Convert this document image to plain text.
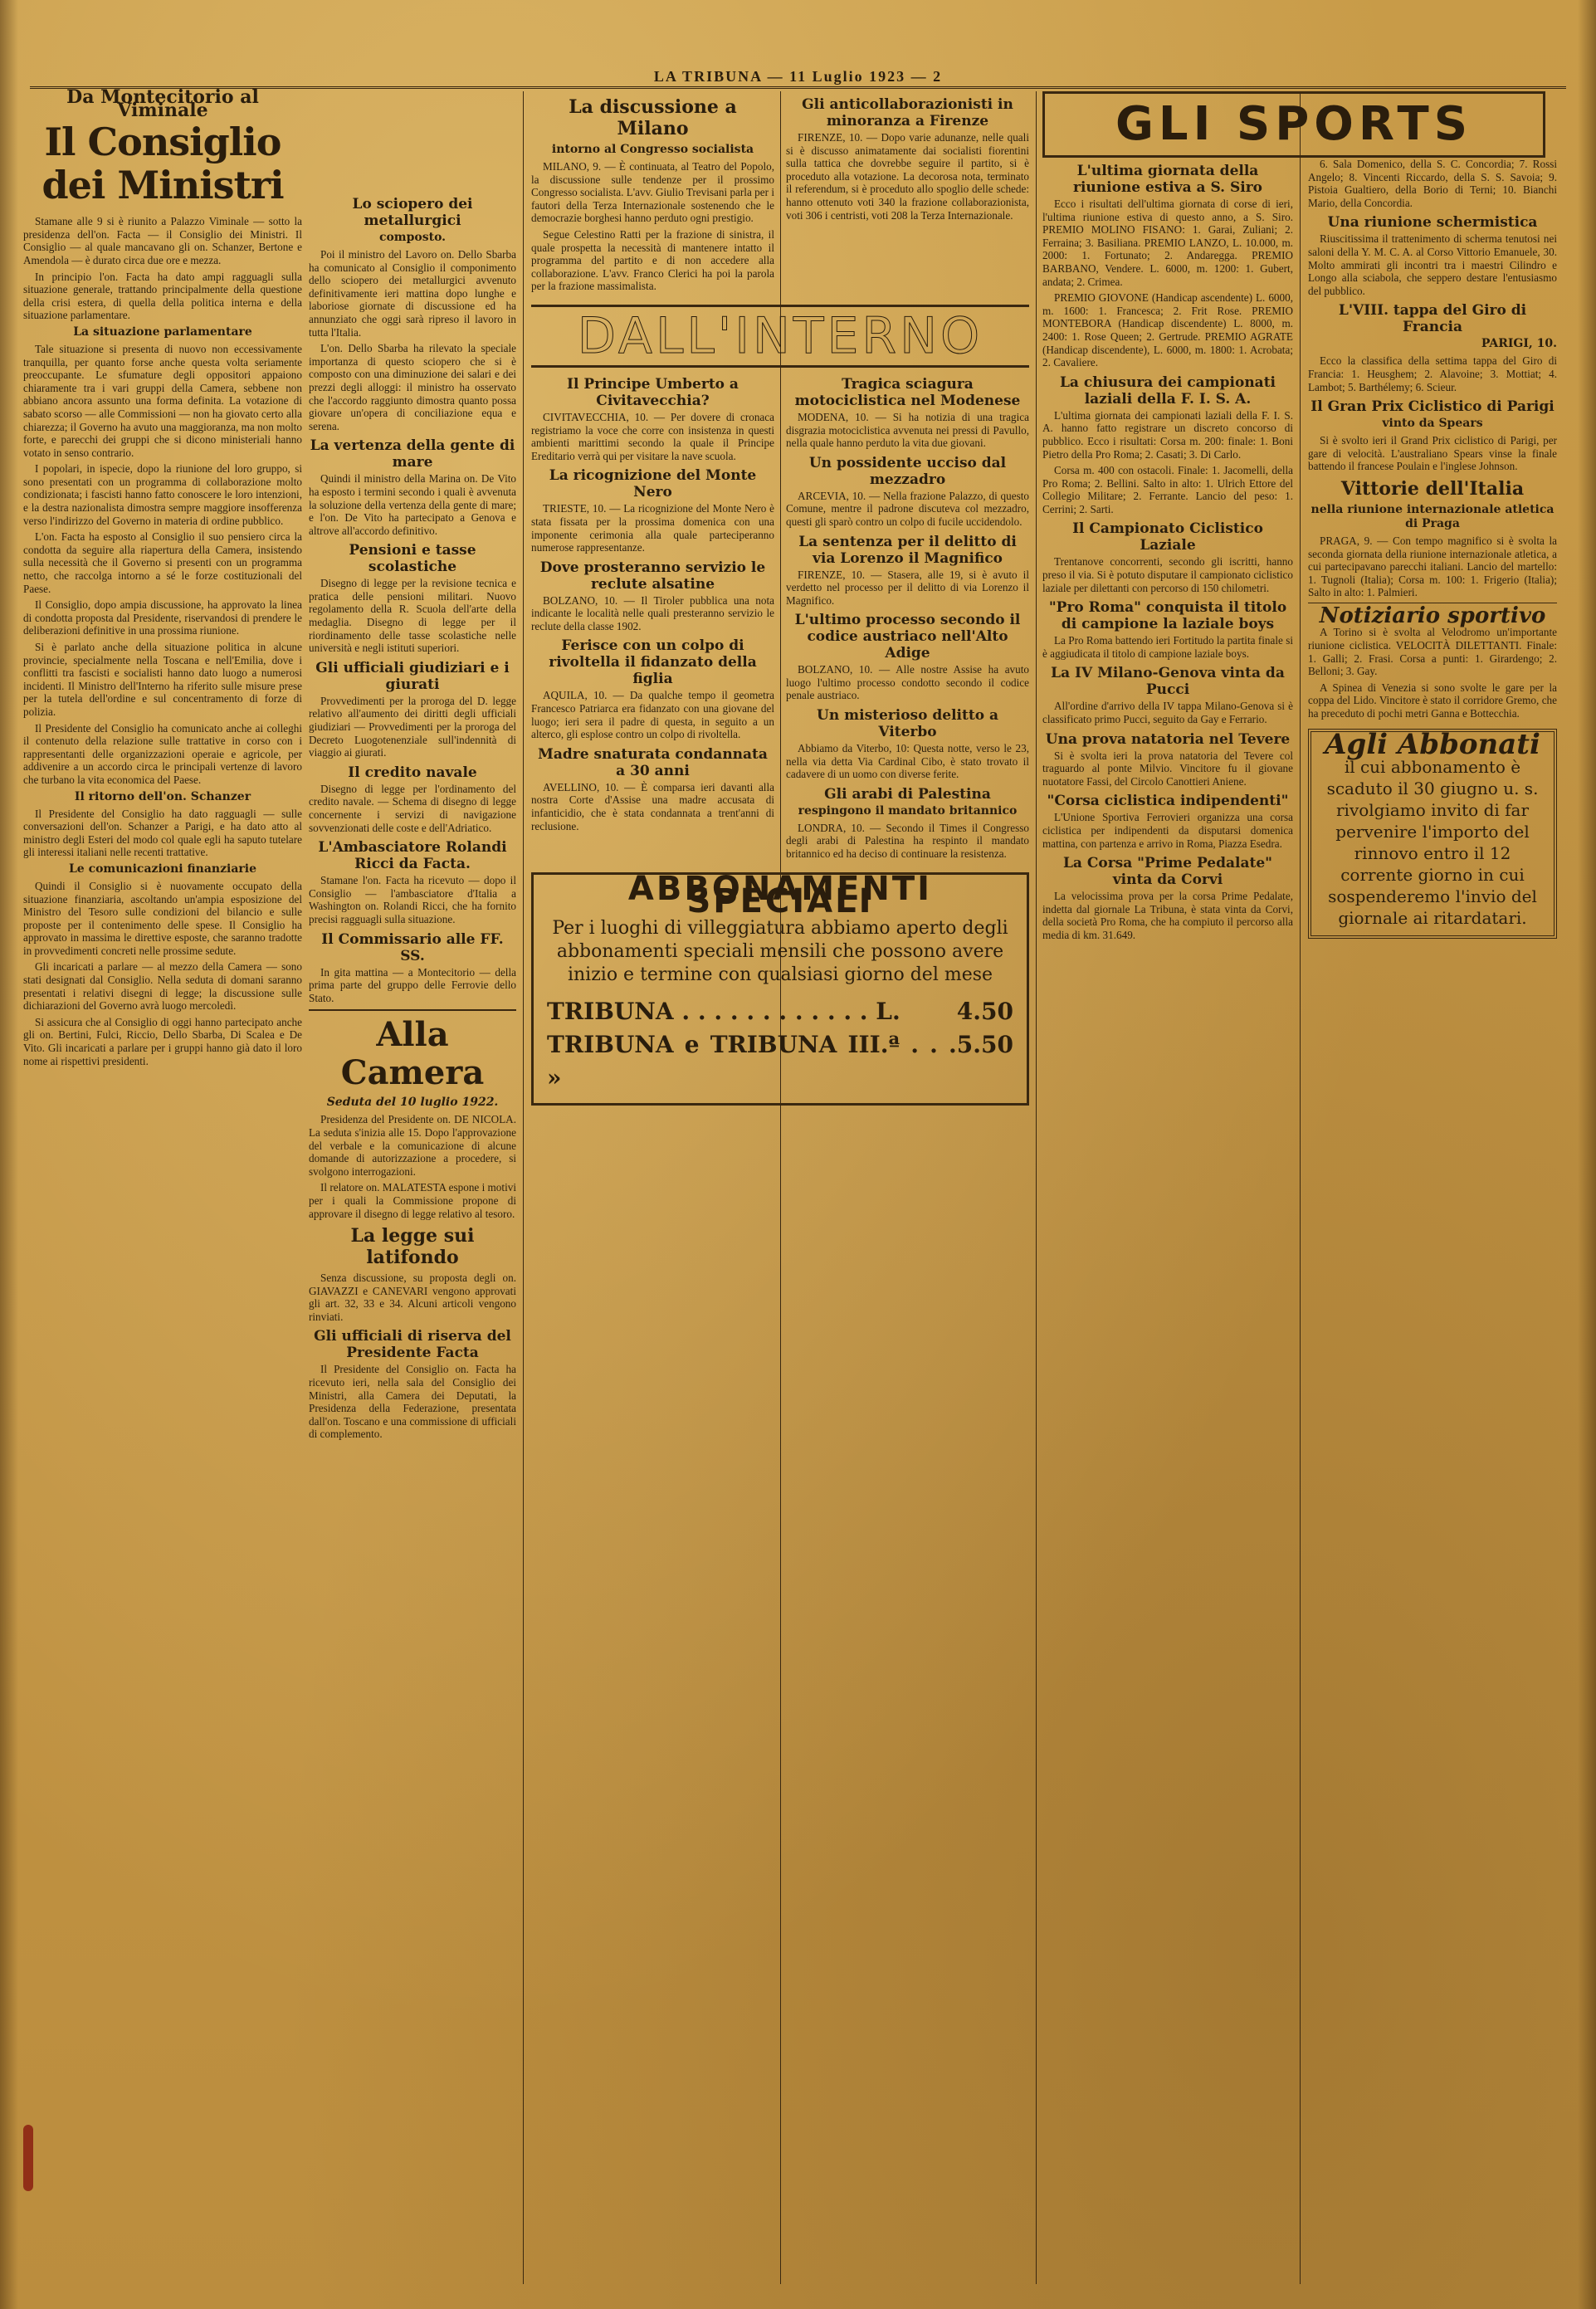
LA TRIBUNA — 11 Luglio 1923 — 2
Da Montecitorio al Viminale
Il Consiglio dei Ministri

Stamane alle 9 si è riunito a Palazzo Viminale — sotto la presidenza dell'on. Facta — il Consiglio dei Ministri. Il Consiglio — al quale mancavano gli on. Schanzer, Bertone e Amendola — è durato circa due ore e mezza.

In principio l'on. Facta ha dato ampi ragguagli sulla situazione generale, trattando principalmente della questione della crisi estera, di quella della politica interna e della situazione parlamentare.

La situazione parlamentare

Tale situazione si presenta di nuovo non eccessivamente tranquilla, per quanto forse anche questa volta seriamente preoccupante. Le sfumature degli oppositori appaiono chiaramente tra i vari gruppi della Camera, sebbene non abbiano ancora assunto una forma definita. La votazione di sabato scorso — alle Commissioni — non ha giovato certo alla chiarezza; il Governo ha avuto una maggioranza, ma non molto forte, e parecchi dei gruppi che si dicono ministeriali hanno votato in senso contrario.

I popolari, in ispecie, dopo la riunione del loro gruppo, si sono presentati con un programma di collaborazione molto condizionata; i fascisti hanno fatto conoscere le loro intenzioni, e la destra nazionalista dimostra sempre maggiore insofferenza verso l'indirizzo del Governo in materia di ordine pubblico.

L'on. Facta ha esposto al Consiglio il suo pensiero circa la condotta da seguire alla riapertura della Camera, insistendo sulla necessità che il Governo si presenti con un programma netto, che raccolga intorno a sé le forze costituzionali del Paese.

Il Consiglio, dopo ampia discussione, ha approvato la linea di condotta proposta dal Presidente, riservandosi di prendere le deliberazioni definitive in una prossima riunione.

Si è parlato anche della situazione politica in alcune provincie, specialmente nella Toscana e nell'Emilia, dove i conflitti tra fascisti e socialisti hanno dato luogo a numerosi incidenti. Il Ministro dell'Interno ha riferito sulle misure prese per la tutela dell'ordine e sul concentramento di forze di polizia.

Il Presidente del Consiglio ha comunicato anche ai colleghi il contenuto della relazione sulle trattative in corso con i rappresentanti delle organizzazioni operaie e agricole, per addivenire a un accordo circa le principali vertenze di lavoro che turbano la vita economica del Paese.

Il ritorno dell'on. Schanzer

Il Presidente del Consiglio ha dato ragguagli — sulle conversazioni dell'on. Schanzer a Parigi, e ha dato atto al ministro degli Esteri del modo col quale egli ha saputo tutelare gli interessi italiani nelle recenti trattative.

Le comunicazioni finanziarie

Quindi il Consiglio si è nuovamente occupato della situazione finanziaria, ascoltando un'ampia esposizione del Ministro del Tesoro sulle condizioni del bilancio e sulle proposte per il contenimento delle spese. Il Consiglio ha approvato in massima le direttive esposte, che saranno tradotte in provvedimenti concreti nelle prossime sedute.

Gli incaricati a parlare — al mezzo della Camera — sono stati designati dal Consiglio. Nella seduta di domani saranno presentati i relativi disegni di legge; la discussione sulle dichiarazioni del Governo avrà luogo mercoledì.

Si assicura che al Consiglio di oggi hanno partecipato anche gli on. Bertini, Fulci, Riccio, Dello Sbarba, Di Scalea e De Vito. Gli incaricati a parlare per i gruppi hanno già dato il loro nome ai rispettivi presidenti.

Lo sciopero dei metallurgici
composto.

Poi il ministro del Lavoro on. Dello Sbarba ha comunicato al Consiglio il componimento dello sciopero dei metallurgici avvenuto definitivamente ieri mattina dopo lunghe e laboriose giornate di discussione ed ha annunziato che oggi sarà ripreso il lavoro in tutta l'Italia.

L'on. Dello Sbarba ha rilevato la speciale importanza di questo sciopero che si è composto con una diminuzione dei salari e dei prezzi degli alloggi: il ministro ha osservato che l'accordo raggiunto dimostra quanto possa giovare un'opera di conciliazione equa e serena.

La vertenza della gente di mare

Quindi il ministro della Marina on. De Vito ha esposto i termini secondo i quali è avvenuta la soluzione della vertenza della gente di mare; e l'on. De Vito ha partecipato a Genova e altrove all'accordo definitivo.

Pensioni e tasse scolastiche

Disegno di legge per la revisione tecnica e pratica delle pensioni militari. Nuovo regolamento della R. Scuola dell'arte della medaglia. Disegno di legge per il riordinamento delle tasse scolastiche nelle università e negli istituti superiori.

Gli ufficiali giudiziari e i giurati

Provvedimenti per la proroga del D. legge relativo all'aumento dei diritti degli ufficiali giudiziari — Provvedimenti per la proroga del Decreto Luogotenenziale sull'indennità di viaggio ai giurati.

Il credito navale

Disegno di legge per l'ordinamento del credito navale. — Schema di disegno di legge concernente i servizi di navigazione sovvenzionati delle coste e dell'Adriatico.

L'Ambasciatore Rolandi Ricci da Facta.

Stamane l'on. Facta ha ricevuto — dopo il Consiglio — l'ambasciatore d'Italia a Washington on. Rolandi Ricci, che ha fornito precisi ragguagli sulla situazione.

Il Commissario alle FF. SS.

In gita mattina — a Montecitorio — della prima parte del gruppo delle Ferrovie dello Stato.

Alla Camera
Seduta del 10 luglio 1922.

Presidenza del Presidente on. DE NICOLA. La seduta s'inizia alle 15. Dopo l'approvazione del verbale e la comunicazione di alcune domande di autorizzazione a procedere, si svolgono interrogazioni.

Il relatore on. MALATESTA espone i motivi per i quali la Commissione propone di approvare il disegno di legge relativo al tesoro.

La legge sui latifondo

Senza discussione, su proposta degli on. GIAVAZZI e CANEVARI vengono approvati gli art. 32, 33 e 34. Alcuni articoli vengono rinviati.

Gli ufficiali di riserva del Presidente Facta

Il Presidente del Consiglio on. Facta ha ricevuto ieri, nella sala del Consiglio dei Ministri, alla Camera dei Deputati, la Presidenza della Federazione, presentata dall'on. Toscano e una commissione di ufficiali di complemento.

La discussione a Milano
intorno al Congresso socialista

MILANO, 9. — È continuata, al Teatro del Popolo, la discussione sulle tendenze per il prossimo Congresso socialista. L'avv. Giulio Trevisani parla per i fautori della Terza Internazionale sostenendo che le democrazie borghesi hanno perduto ogni prestigio.

Segue Celestino Ratti per la frazione di sinistra, il quale prospetta la necessità di mantenere intatto il programma del partito e di non accedere alla collaborazione. L'avv. Franco Clerici ha poi la parola per la frazione massimalista.

Gli anticollaborazionisti in minoranza a Firenze

FIRENZE, 10. — Dopo varie adunanze, nelle quali si è discusso animatamente dai socialisti fiorentini sulla tattica che dovrebbe seguire il partito, si è proceduto alla votazione. La decorosa nota, terminato il referendum, si è proceduto allo spoglio delle schede: hanno ottenuto voti 340 la frazione collaborazionista, voti 306 i centristi, voti 208 la Terza Internazionale.

DALL'INTERNO
Il Principe Umberto a Civitavecchia?

CIVITAVECCHIA, 10. — Per dovere di cronaca registriamo la voce che corre con insistenza in questi ambienti marittimi secondo la quale il Principe Ereditario verrà qui per visitare la nave scuola.

La ricognizione del Monte Nero

TRIESTE, 10. — La ricognizione del Monte Nero è stata fissata per la prossima domenica con una imponente cerimonia alla quale parteciperanno numerose rappresentanze.

Dove prosteranno servizio le reclute alsatine

BOLZANO, 10. — Il Tiroler pubblica una nota indicante le località nelle quali presteranno servizio le reclute della classe 1902.

Ferisce con un colpo di rivoltella il fidanzato della figlia

AQUILA, 10. — Da qualche tempo il geometra Francesco Patriarca era fidanzato con una giovane del luogo; ieri sera il padre di questa, in seguito a un alterco, gli esplose contro un colpo di rivoltella.

Madre snaturata condannata a 30 anni

AVELLINO, 10. — È comparsa ieri davanti alla nostra Corte d'Assise una madre accusata di infanticidio, che è stata condannata a trent'anni di reclusione.

Tragica sciagura motociclistica nel Modenese

MODENA, 10. — Si ha notizia di una tragica disgrazia motociclistica avvenuta nei pressi di Pavullo, nella quale hanno perduto la vita due giovani.

Un possidente ucciso dal mezzadro

ARCEVIA, 10. — Nella frazione Palazzo, di questo Comune, mentre il padrone discuteva col mezzadro, questi gli sparò contro un colpo di fucile uccidendolo.

La sentenza per il delitto di via Lorenzo il Magnifico

FIRENZE, 10. — Stasera, alle 19, si è avuto il verdetto nel processo per il delitto di via Lorenzo il Magnifico.

L'ultimo processo secondo il codice austriaco nell'Alto Adige

BOLZANO, 10. — Alle nostre Assise ha avuto luogo l'ultimo processo condotto secondo il codice penale austriaco.

Un misterioso delitto a Viterbo

Abbiamo da Viterbo, 10: Questa notte, verso le 23, nella via detta Via Cardinal Cibo, è stato trovato il cadavere di un uomo con diverse ferite.

Gli arabi di Palestina
respingono il mandato britannico

LONDRA, 10. — Secondo il Times il Congresso degli arabi di Palestina ha respinto il mandato britannico ed ha deciso di continuare la resistenza.

ABBONAMENTI SPECIALI
Per i luoghi di villeggiatura abbiamo aperto degli abbonamenti speciali mensili che possono avere inizio e termine con qualsiasi giorno del mese
TRIBUNA . . . . . . . . . . . . L. 4.50
TRIBUNA e TRIBUNA III.ª . . . »
5.50
GLI SPORTS
L'ultima giornata della riunione estiva a S. Siro

Ecco i risultati dell'ultima giornata di corse di ieri, l'ultima riunione estiva di questo anno, a S. Siro. PREMIO MOLINO FISANO: 1. Garai, Zuliani; 2. Ferraina; 3. Basiliana. PREMIO LANZO, L. 10.000, m. 2000: 1. Fortunato; 2. Andaregga. PREMIO BARBANO, Vendere. L. 6000, m. 1200: 1. Gubert, andata; 2. Crimea.

PREMIO GIOVONE (Handicap ascendente) L. 6000, m. 1600: 1. Francesca; 2. Frit Rose. PREMIO MONTEBORA (Handicap discendente) L. 8000, m. 2400: 1. Rose Queen; 2. Gertrude. PREMIO AGRATE (Handicap discendente), L. 6000, m. 1800: 1. Acrobata; 2. Cavaliere.

La chiusura dei campionati laziali della F. I. S. A.

L'ultima giornata dei campionati laziali della F. I. S. A. hanno fatto registrare un discreto concorso di pubblico. Ecco i risultati: Corsa m. 200: finale: 1. Boni Pietro della Pro Roma; 2. Casati; 3. Di Carlo.

Corsa m. 400 con ostacoli. Finale: 1. Jacomelli, della Pro Roma; 2. Bellini. Salto in alto: 1. Ulrich Ettore del Collegio Militare; 2. Ferrante. Lancio del peso: 1. Cerrini; 2. Sarti.

Il Campionato Ciclistico Laziale

Trentanove concorrenti, secondo gli iscritti, hanno preso il via. Si è potuto disputare il campionato ciclistico laziale per dilettanti con percorso di 150 chilometri.

"Pro Roma" conquista il titolo di campione la laziale boys

La Pro Roma battendo ieri Fortitudo la partita finale si è aggiudicata il titolo di campione laziale boys.

La IV Milano-Genova vinta da Pucci

All'ordine d'arrivo della IV tappa Milano-Genova si è classificato primo Pucci, seguito da Gay e Ferrario.

Una prova natatoria nel Tevere

Si è svolta ieri la prova natatoria del Tevere col traguardo al ponte Milvio. Vincitore fu il giovane nuotatore Fassi, del Circolo Canottieri Aniene.

"Corsa ciclistica indipendenti"

L'Unione Sportiva Ferrovieri organizza una corsa ciclistica per indipendenti da disputarsi domenica mattina, con partenza e arrivo in Roma, Piazza Esedra.

La Corsa "Prime Pedalate" vinta da Corvi

La velocissima prova per la corsa Prime Pedalate, indetta dal giornale La Tribuna, è stata vinta da Corvi, della società Pro Roma, che ha compiuto il percorso alla media di km. 31.649.

6. Sala Domenico, della S. C. Concordia; 7. Rossi Angelo; 8. Vincenti Riccardo, della S. S. Savoia; 9. Pistoia Gualtiero, della Borio di Terni; 10. Bianchi Mario, della Concordia.

Una riunione schermistica

Riuscitissima il trattenimento di scherma tenutosi nei saloni della Y. M. C. A. al Corso Vittorio Emanuele, 30. Molto ammirati gli incontri tra i maestri Cilindro e Longo alla sciabola, che seppero destare l'entusiasmo del pubblico.

L'VIII. tappa del Giro di Francia
PARIGI, 10.

Ecco la classifica della settima tappa del Giro di Francia: 1. Heusghem; 2. Alavoine; 3. Mottiat; 4. Lambot; 5. Barthélemy; 6. Scieur.

Il Gran Prix Ciclistico di Parigi
vinto da Spears

Si è svolto ieri il Grand Prix ciclistico di Parigi, per gare di velocità. L'australiano Spears vinse la finale battendo il francese Poulain e l'inglese Johnson.

Vittorie dell'Italia
nella riunione internazionale atletica di Praga

PRAGA, 9. — Con tempo magnifico si è svolta la seconda giornata della riunione internazionale atletica, a cui partecipavano parecchi italiani. Lancio del martello: 1. Tugnoli (Italia); Corsa m. 100: 1. Frigerio (Italia); Salto in alto: 1. Palmieri.

Notiziario sportivo

A Torino si è svolta al Velodromo un'importante riunione ciclistica. VELOCITÀ DILETTANTI. Finale: 1. Galli; 2. Frasi. Corsa a punti: 1. Girardengo; 2. Belloni; 3. Gay.

A Spinea di Venezia si sono svolte le gare per la coppa del Lido. Vincitore è stato il corridore Gremo, che ha preceduto di pochi metri Ganna e Bottecchia.

Agli Abbonati

il cui abbonamento è scaduto il 30 giugno u. s. rivolgiamo invito di far pervenire l'importo del rinnovo entro il 12 corrente giorno in cui sospenderemo l'invio del giornale ai ritardatari.
